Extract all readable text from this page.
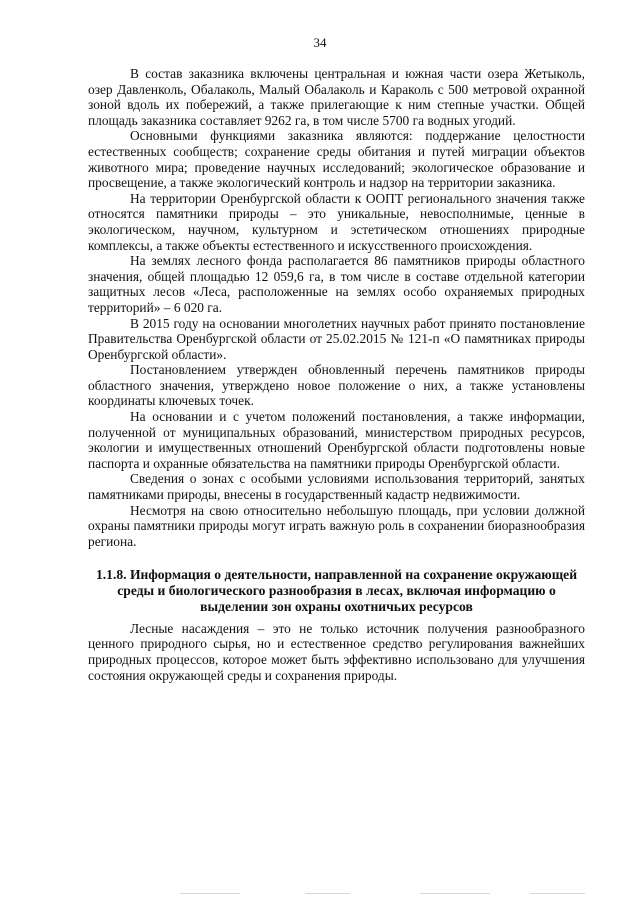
34

В состав заказника включены центральная и южная части озера Жетыколь, озер Давленколь, Обалаколь, Малый Обалаколь и Караколь с 500 метровой охранной зоной вдоль их побережий, а также прилегающие к ним степные участки. Общей площадь заказника составляет 9262 га, в том числе 5700 га водных угодий.

Основными функциями заказника являются: поддержание целостности естественных сообществ; сохранение среды обитания и путей миграции объектов животного мира; проведение научных исследований; экологическое образование и просвещение, а также экологический контроль и надзор на территории заказника.

На территории Оренбургской области к ООПТ регионального значения также относятся памятники природы – это уникальные, невосполнимые, ценные в экологическом, научном, культурном и эстетическом отношениях природные комплексы, а также объекты естественного и искусственного происхождения.

На землях лесного фонда располагается 86 памятников природы областного значения, общей площадью 12 059,6 га, в том числе в составе отдельной категории защитных лесов «Леса, расположенные на землях особо охраняемых природных территорий» – 6 020 га.

В 2015 году на основании многолетних научных работ принято постановление Правительства Оренбургской области от 25.02.2015 № 121-п «О памятниках природы Оренбургской области».

Постановлением утвержден обновленный перечень памятников природы областного значения, утверждено новое положение о них, а также установлены координаты ключевых точек.

На основании и с учетом положений постановления, а также информации, полученной от муниципальных образований, министерством природных ресурсов, экологии и имущественных отношений Оренбургской области подготовлены новые паспорта и охранные обязательства на памятники природы Оренбургской области.

Сведения о зонах с особыми условиями использования территорий, занятых памятниками природы, внесены в государственный кадастр недвижимости.

Несмотря на свою относительно небольшую площадь, при условии должной охраны памятники природы могут играть важную роль в сохранении биоразнообразия региона.

1.1.8. Информация о деятельности, направленной на сохранение окружающей среды и биологического разнообразия в лесах, включая информацию о выделении зон охраны охотничьих ресурсов

Лесные насаждения – это не только источник получения разнообразного ценного природного сырья, но и естественное средство регулирования важнейших природных процессов, которое может быть эффективно использовано для улучшения состояния окружающей среды и сохранения природы.
